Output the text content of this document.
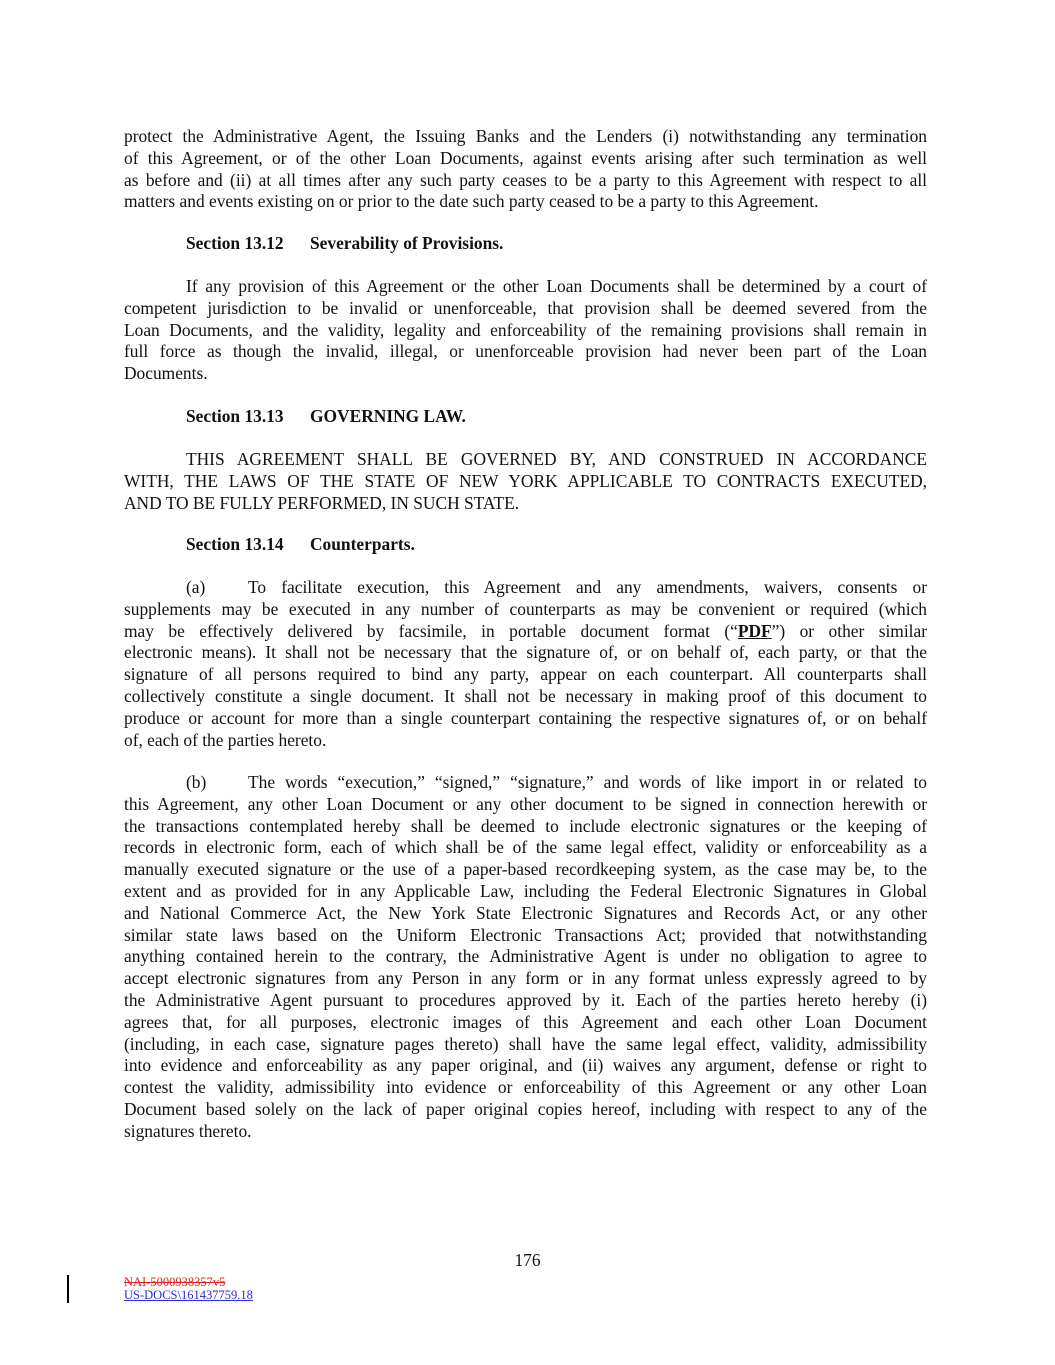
protect the Administrative Agent, the Issuing Banks and the Lenders (i) notwithstanding any termination
of this Agreement, or of the other Loan Documents, against events arising after such termination as well
as before and (ii) at all times after any such party ceases to be a party to this Agreement with respect to all
matters and events existing on or prior to the date such party ceased to be a party to this Agreement.
Section 13.12 Severability of Provisions.
If any provision of this Agreement or the other Loan Documents shall be determined by a court of
competent jurisdiction to be invalid or unenforceable, that provision shall be deemed severed from the
Loan Documents, and the validity, legality and enforceability of the remaining provisions shall remain in
full force as though the invalid, illegal, or unenforceable provision had never been part of the Loan
Documents.
Section 13.13 GOVERNING LAW.
THIS AGREEMENT SHALL BE GOVERNED BY, AND CONSTRUED IN ACCORDANCE
WITH, THE LAWS OF THE STATE OF NEW YORK APPLICABLE TO CONTRACTS EXECUTED,
AND TO BE FULLY PERFORMED, IN SUCH STATE.
Section 13.14 Counterparts.
(a) To facilitate execution, this Agreement and any amendments, waivers, consents or
supplements may be executed in any number of counterparts as may be convenient or required (which
may be effectively delivered by facsimile, in portable document format (“PDF”) or other similar
electronic means). It shall not be necessary that the signature of, or on behalf of, each party, or that the
signature of all persons required to bind any party, appear on each counterpart. All counterparts shall
collectively constitute a single document. It shall not be necessary in making proof of this document to
produce or account for more than a single counterpart containing the respective signatures of, or on behalf
of, each of the parties hereto.
(b) The words “execution,” “signed,” “signature,” and words of like import in or related to
this Agreement, any other Loan Document or any other document to be signed in connection herewith or
the transactions contemplated hereby shall be deemed to include electronic signatures or the keeping of
records in electronic form, each of which shall be of the same legal effect, validity or enforceability as a
manually executed signature or the use of a paper-based recordkeeping system, as the case may be, to the
extent and as provided for in any Applicable Law, including the Federal Electronic Signatures in Global
and National Commerce Act, the New York State Electronic Signatures and Records Act, or any other
similar state laws based on the Uniform Electronic Transactions Act; provided that notwithstanding
anything contained herein to the contrary, the Administrative Agent is under no obligation to agree to
accept electronic signatures from any Person in any form or in any format unless expressly agreed to by
the Administrative Agent pursuant to procedures approved by it. Each of the parties hereto hereby (i)
agrees that, for all purposes, electronic images of this Agreement and each other Loan Document
(including, in each case, signature pages thereto) shall have the same legal effect, validity, admissibility
into evidence and enforceability as any paper original, and (ii) waives any argument, defense or right to
contest the validity, admissibility into evidence or enforceability of this Agreement or any other Loan
Document based solely on the lack of paper original copies hereof, including with respect to any of the
signatures thereto.
176
NAI-5000938357v5
US-DOCS\161437759.18
